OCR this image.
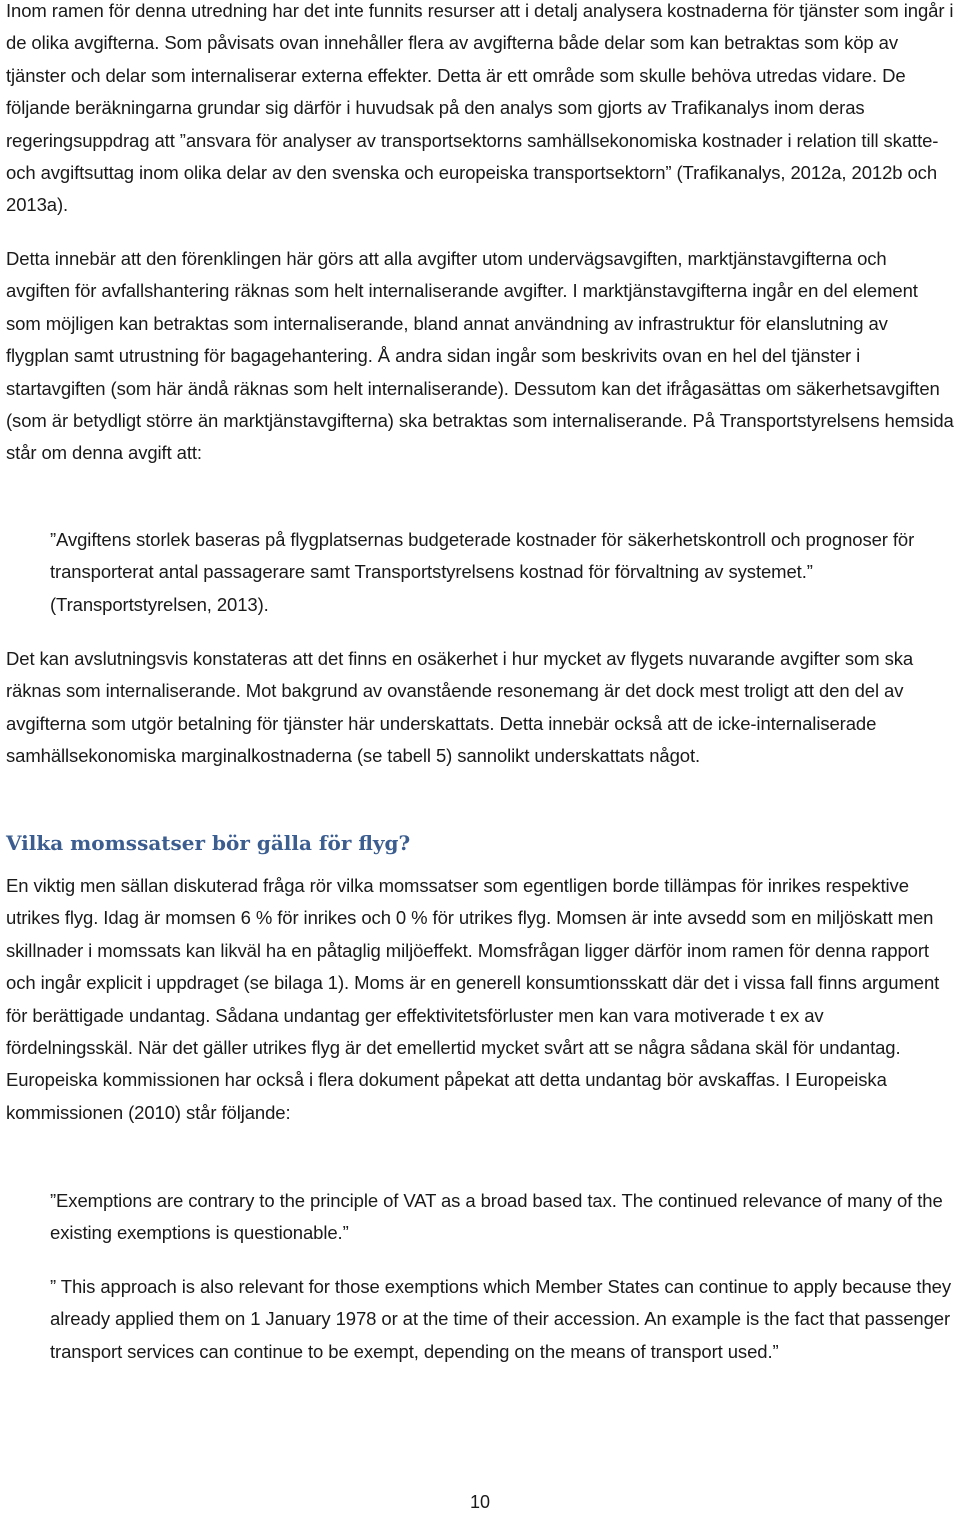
Inom ramen för denna utredning har det inte funnits resurser att i detalj analysera kostnaderna för tjänster som ingår i de olika avgifterna. Som påvisats ovan innehåller flera av avgifterna både delar som kan betraktas som köp av tjänster och delar som internaliserar externa effekter. Detta är ett område som skulle behöva utredas vidare. De följande beräkningarna grundar sig därför i huvudsak på den analys som gjorts av Trafikanalys inom deras regeringsuppdrag att ”ansvara för analyser av transportsektorns samhällsekonomiska kostnader i relation till skatte- och avgiftsuttag inom olika delar av den svenska och europeiska transportsektorn” (Trafikanalys, 2012a, 2012b och 2013a).

Detta innebär att den förenklingen här görs att alla avgifter utom undervägsavgiften, marktjänstavgifterna och avgiften för avfallshantering räknas som helt internaliserande avgifter. I marktjänstavgifterna ingår en del element som möjligen kan betraktas som internaliserande, bland annat användning av infrastruktur för elanslutning av flygplan samt utrustning för bagagehantering. Å andra sidan ingår som beskrivits ovan en hel del tjänster i startavgiften (som här ändå räknas som helt internaliserande). Dessutom kan det ifrågasättas om säkerhetsavgiften (som är betydligt större än marktjänstavgifterna) ska betraktas som internaliserande. På Transportstyrelsens hemsida står om denna avgift att:

”Avgiftens storlek baseras på flygplatsernas budgeterade kostnader för säkerhetskontroll och prognoser för transporterat antal passagerare samt Transportstyrelsens kostnad för förvaltning av systemet.” (Transportstyrelsen, 2013).

Det kan avslutningsvis konstateras att det finns en osäkerhet i hur mycket av flygets nuvarande avgifter som ska räknas som internaliserande. Mot bakgrund av ovanstående resonemang är det dock mest troligt att den del av avgifterna som utgör betalning för tjänster här underskattats. Detta innebär också att de icke-internaliserade samhällsekonomiska marginalkostnaderna (se tabell 5) sannolikt underskattats något.

Vilka momssatser bör gälla för flyg?

En viktig men sällan diskuterad fråga rör vilka momssatser som egentligen borde tillämpas för inrikes respektive utrikes flyg. Idag är momsen 6 % för inrikes och 0 % för utrikes flyg. Momsen är inte avsedd som en miljöskatt men skillnader i momssats kan likväl ha en påtaglig miljöeffekt. Momsfrågan ligger därför inom ramen för denna rapport och ingår explicit i uppdraget (se bilaga 1). Moms är en generell konsumtionsskatt där det i vissa fall finns argument för berättigade undantag. Sådana undantag ger effektivitetsförluster men kan vara motiverade t ex av fördelningsskäl. När det gäller utrikes flyg är det emellertid mycket svårt att se några sådana skäl för undantag. Europeiska kommissionen har också i flera dokument påpekat att detta undantag bör avskaffas. I Europeiska kommissionen (2010) står följande:

”Exemptions are contrary to the principle of VAT as a broad based tax. The continued relevance of many of the existing exemptions is questionable.”

” This approach is also relevant for those exemptions which Member States can continue to apply because they already applied them on 1 January 1978 or at the time of their accession. An example is the fact that passenger transport services can continue to be exempt, depending on the means of transport used.”

10
